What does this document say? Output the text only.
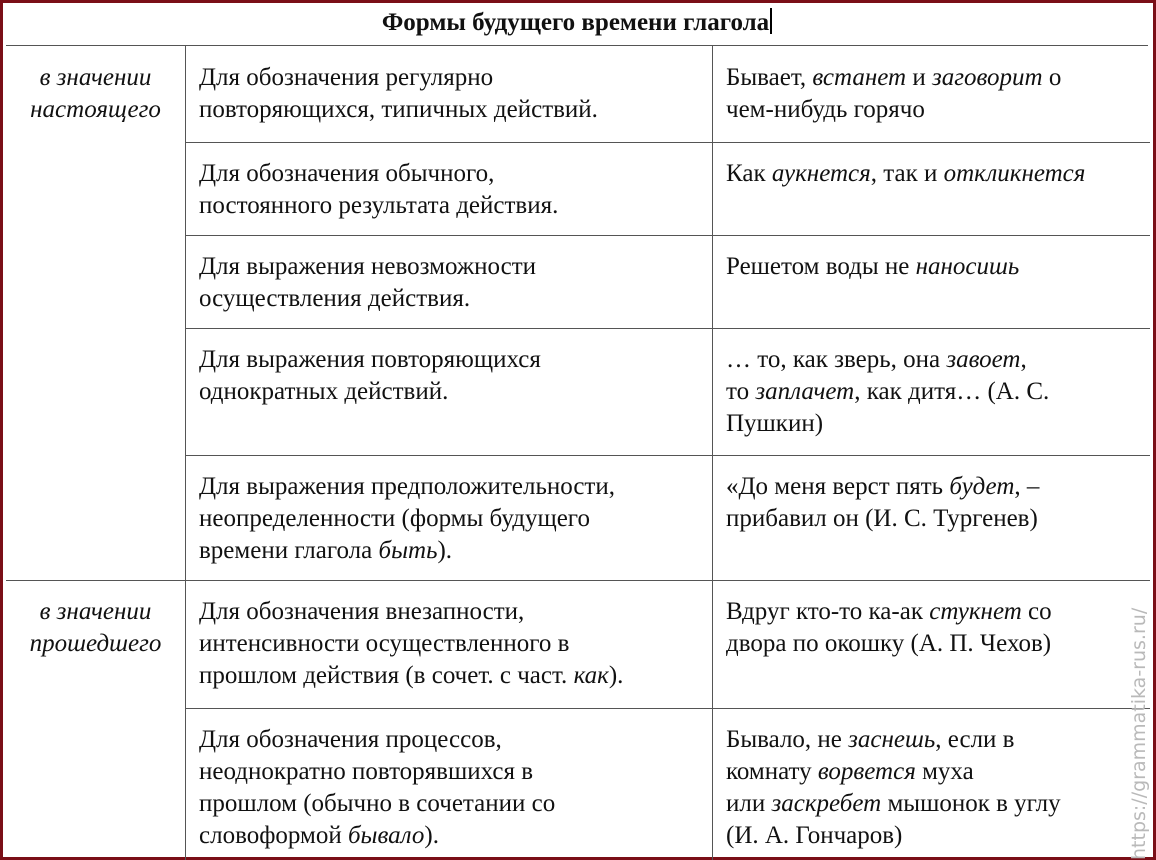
Формы будущего времени глагола
Для обозначения регулярно
повторяющихся, типичных действий.
Бывает, встанет и заговорит о
чем-нибудь горячо
Для обозначения обычного,
постоянного результата действия.
Как аукнется, так и откликнется
Для выражения невозможности
осуществления действия.
Решетом воды не наносишь
Для выражения повторяющихся
однократных действий.
… то, как зверь, она завоет,
то заплачет, как дитя… (А. С.
Пушкин)
Для выражения предположительности,
неопределенности (формы будущего
времени глагола быть).
«До меня верст пять будет, –
прибавил он (И. С. Тургенев)
Для обозначения внезапности,
интенсивности осуществленного в
прошлом действия (в сочет. с част. как).
Вдруг кто-то ка-ак стукнет со
двора по окошку (А. П. Чехов)
Для обозначения процессов,
неоднократно повторявшихся в
прошлом (обычно в сочетании со
словоформой бывало).
Бывало, не заснешь, если в
комнату ворвется муха
или заскребет мышонок в углу
(И. А. Гончаров)
в значении
настоящего
в значении
прошедшего	https://grammatika-rus.ru/
